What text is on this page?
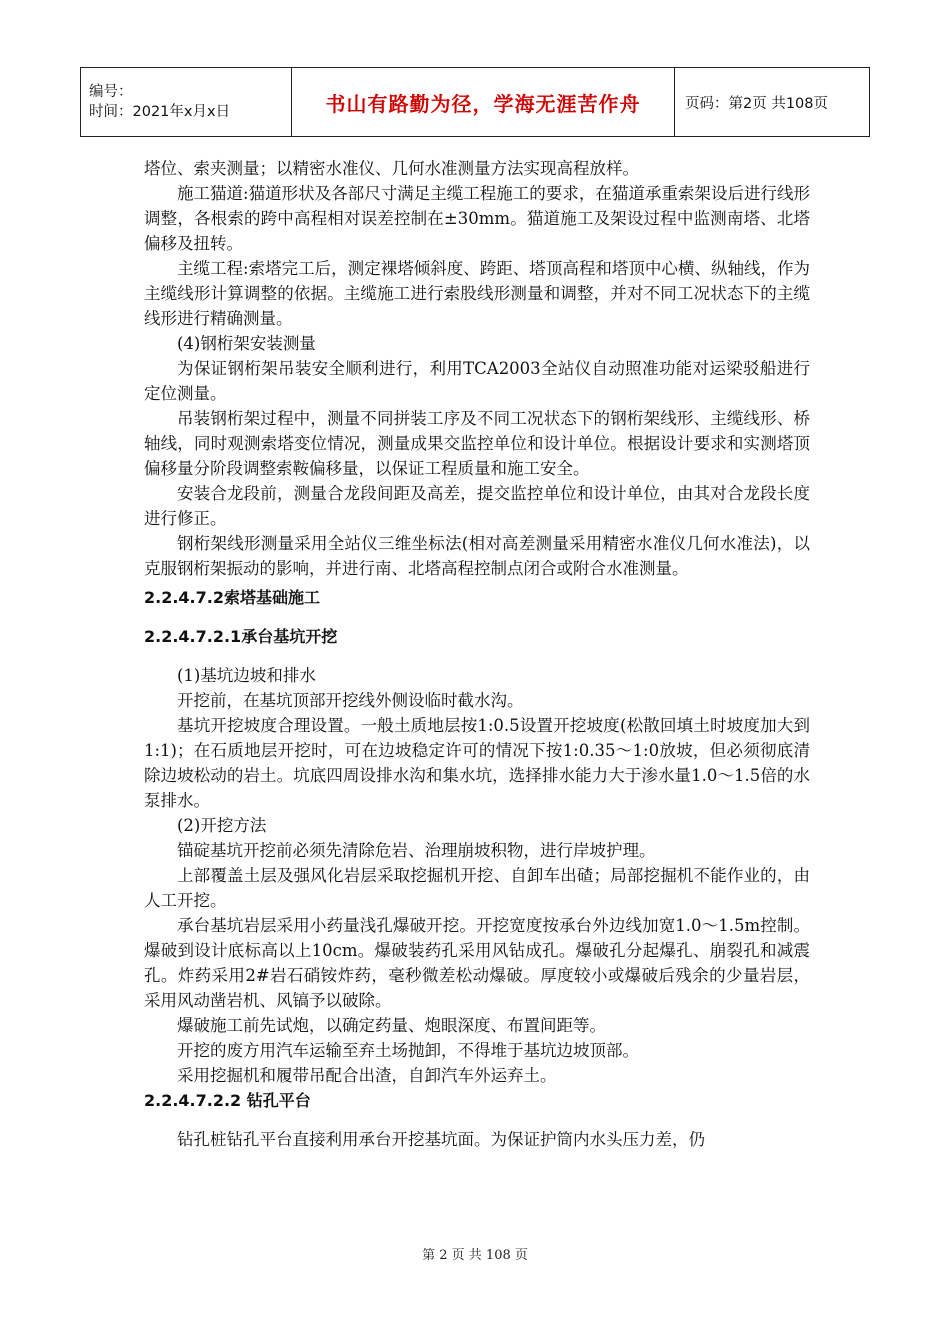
编号：
时间：2021年x月x日	书山有路勤为径，学海无涯苦作舟	页码：第2页 共108页

塔位、索夹测量；以精密水准仪、几何水准测量方法实现高程放样。

施工猫道:猫道形状及各部尺寸满足主缆工程施工的要求，在猫道承重索架设后进行线形调整，各根索的跨中高程相对误差控制在±30mm。猫道施工及架设过程中监测南塔、北塔偏移及扭转。

主缆工程:索塔完工后，测定裸塔倾斜度、跨距、塔顶高程和塔顶中心横、纵轴线，作为主缆线形计算调整的依据。主缆施工进行索股线形测量和调整，并对不同工况状态下的主缆线形进行精确测量。

(4)钢桁架安装测量

为保证钢桁架吊装安全顺利进行，利用TCA2003全站仪自动照准功能对运梁驳船进行定位测量。

吊装钢桁架过程中，测量不同拼装工序及不同工况状态下的钢桁架线形、主缆线形、桥轴线，同时观测索塔变位情况，测量成果交监控单位和设计单位。根据设计要求和实测塔顶偏移量分阶段调整索鞍偏移量，以保证工程质量和施工安全。

安装合龙段前，测量合龙段间距及高差，提交监控单位和设计单位，由其对合龙段长度进行修正。

钢桁架线形测量采用全站仪三维坐标法(相对高差测量采用精密水准仪几何水准法)，以克服钢桁架振动的影响，并进行南、北塔高程控制点闭合或附合水准测量。

2.2.4.7.2索塔基础施工

2.2.4.7.2.1承台基坑开挖

(1)基坑边坡和排水

开挖前，在基坑顶部开挖线外侧设临时截水沟。

基坑开挖坡度合理设置。一般土质地层按1:0.5设置开挖坡度(松散回填土时坡度加大到1:1)；在石质地层开挖时，可在边坡稳定许可的情况下按1:0.35～1:0放坡，但必须彻底清除边坡松动的岩土。坑底四周设排水沟和集水坑，选择排水能力大于渗水量1.0～1.5倍的水泵排水。

(2)开挖方法

锚碇基坑开挖前必须先清除危岩、治理崩坡积物，进行岸坡护理。

上部覆盖土层及强风化岩层采取挖掘机开挖、自卸车出碴；局部挖掘机不能作业的，由人工开挖。

承台基坑岩层采用小药量浅孔爆破开挖。开挖宽度按承台外边线加宽1.0～1.5m控制。爆破到设计底标高以上10cm。爆破装药孔采用风钻成孔。爆破孔分起爆孔、崩裂孔和减震孔。炸药采用2#岩石硝铵炸药，毫秒微差松动爆破。厚度较小或爆破后残余的少量岩层，采用风动凿岩机、风镐予以破除。

爆破施工前先试炮，以确定药量、炮眼深度、布置间距等。

开挖的废方用汽车运输至弃土场抛卸，不得堆于基坑边坡顶部。

采用挖掘机和履带吊配合出渣，自卸汽车外运弃土。

2.2.4.7.2.2 钻孔平台

钻孔桩钻孔平台直接利用承台开挖基坑面。为保证护筒内水头压力差，仍

第 2 页 共 108 页
